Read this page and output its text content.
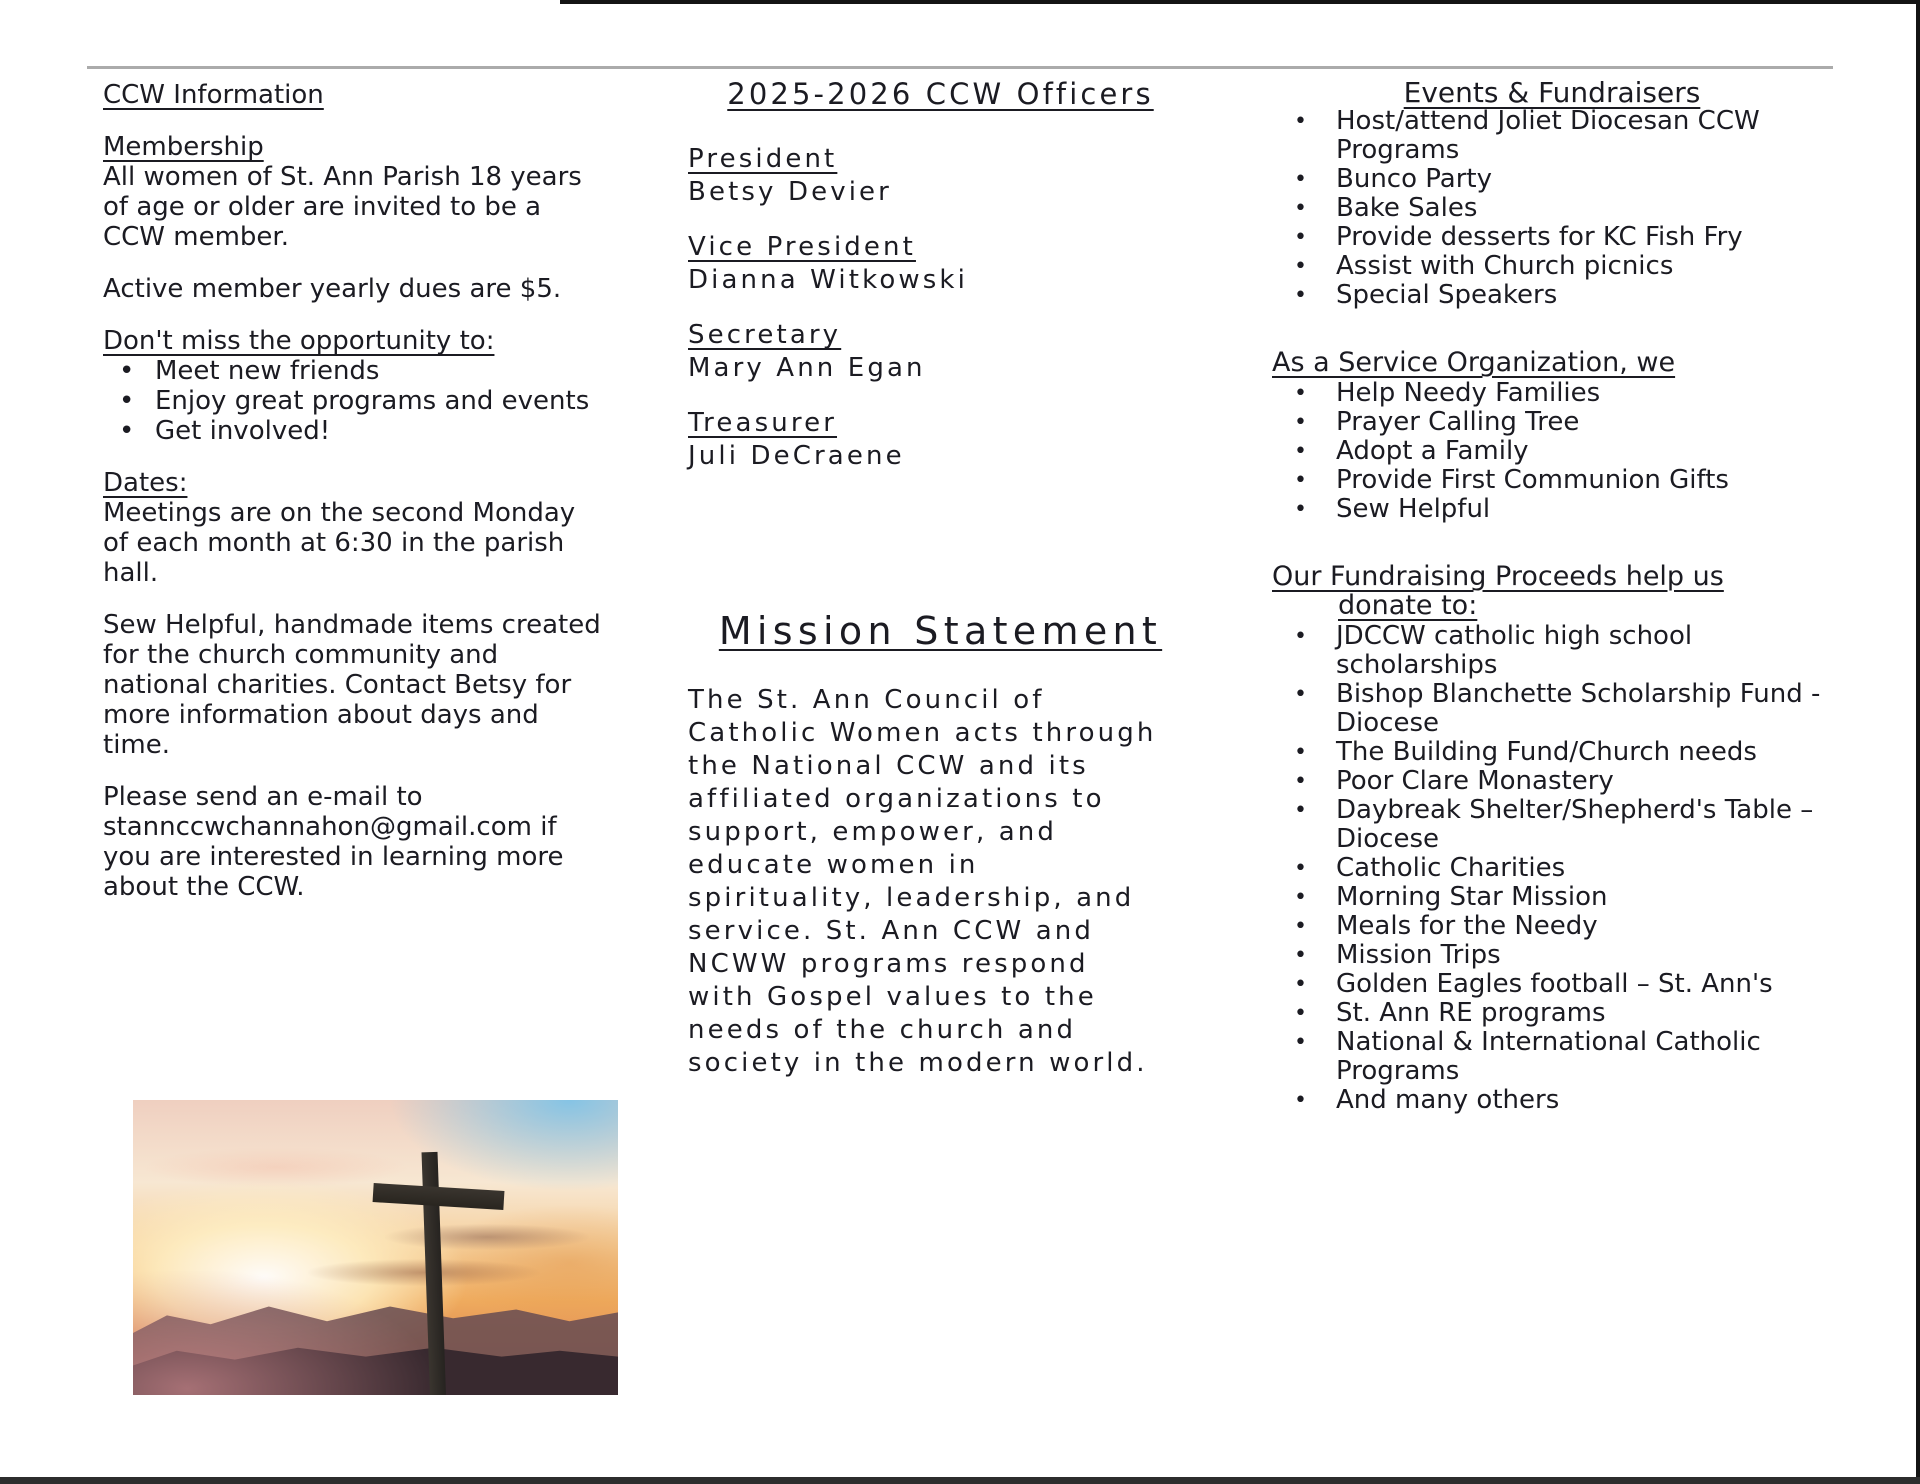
CCW Information
Membership
All women of St. Ann Parish 18 years of age or older are invited to be a CCW member.
Active member yearly dues are $5.
Don't miss the opportunity to:
• Meet new friends
• Enjoy great programs and events
• Get involved!
Dates:
Meetings are on the second Monday of each month at 6:30 in the parish hall.
Sew Helpful, handmade items created for the church community and national charities. Contact Betsy for more information about days and time.
Please send an e-mail to stannccwchannahon@gmail.com if you are interested in learning more about the CCW.
2025-2026 CCW Officers
President
Betsy Devier
Vice President
Dianna Witkowski
Secretary
Mary Ann Egan
Treasurer
Juli DeCraene
Mission Statement
The St. Ann Council of Catholic Women acts through the National CCW and its affiliated organizations to support, empower, and educate women in spirituality, leadership, and service. St. Ann CCW and NCWW programs respond with Gospel values to the needs of the church and society in the modern world.
Events & Fundraisers
• Host/attend Joliet Diocesan CCW Programs
• Bunco Party
• Bake Sales
• Provide desserts for KC Fish Fry
• Assist with Church picnics
• Special Speakers
As a Service Organization, we
• Help Needy Families
• Prayer Calling Tree
• Adopt a Family
• Provide First Communion Gifts
• Sew Helpful
Our Fundraising Proceeds help us donate to:
• JDCCW catholic high school scholarships
• Bishop Blanchette Scholarship Fund - Diocese
• The Building Fund/Church needs
• Poor Clare Monastery
• Daybreak Shelter/Shepherd's Table – Diocese
• Catholic Charities
• Morning Star Mission
• Meals for the Needy
• Mission Trips
• Golden Eagles football – St. Ann's
• St. Ann RE programs
• National & International Catholic Programs
• And many others
